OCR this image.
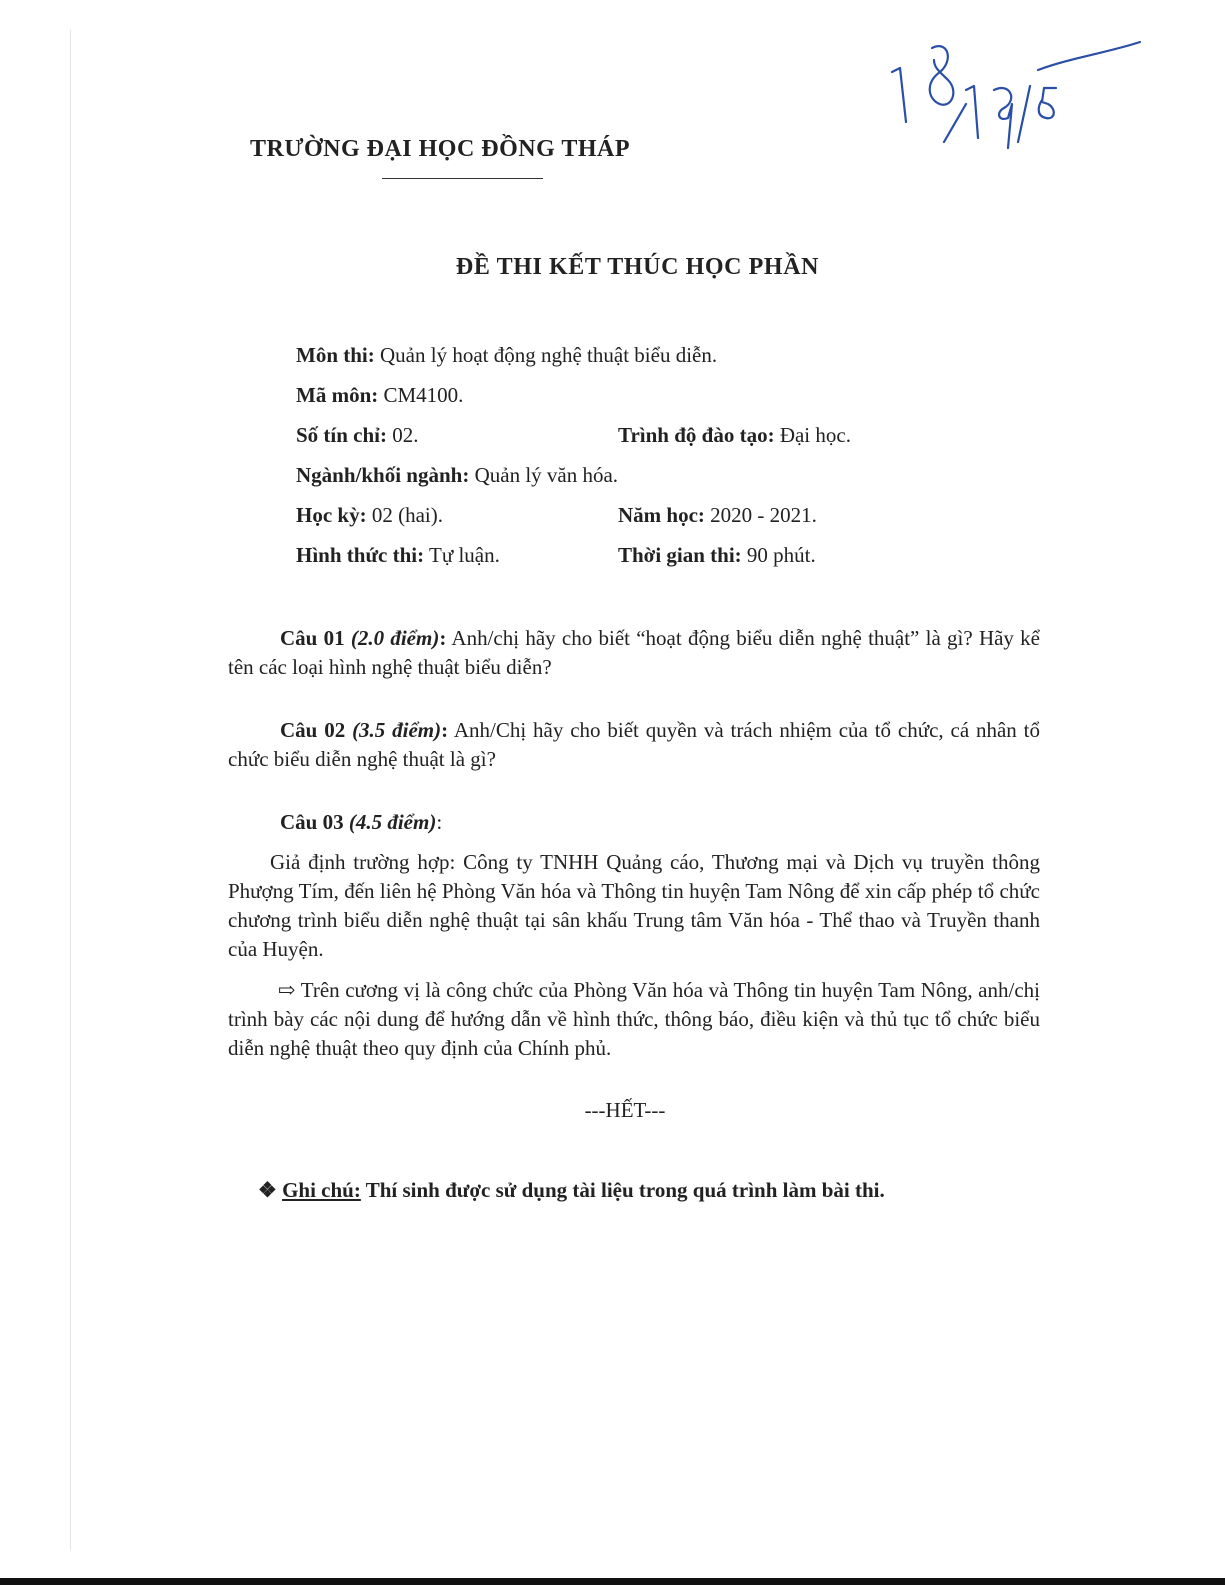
TRƯỜNG ĐẠI HỌC ĐỒNG THÁP
ĐỀ THI KẾT THÚC HỌC PHẦN
Môn thi: Quản lý hoạt động nghệ thuật biểu diễn.
Mã môn: CM4100.
Số tín chỉ: 02.	Trình độ đào tạo: Đại học.
Ngành/khối ngành: Quản lý văn hóa.
Học kỳ: 02 (hai).	Năm học: 2020 - 2021.
Hình thức thi: Tự luận.	Thời gian thi: 90 phút.
Câu 01 (2.0 điểm): Anh/chị hãy cho biết “hoạt động biểu diễn nghệ thuật” là gì? Hãy kể tên các loại hình nghệ thuật biểu diễn?
Câu 02 (3.5 điểm): Anh/Chị hãy cho biết quyền và trách nhiệm của tổ chức, cá nhân tổ chức biểu diễn nghệ thuật là gì?
Câu 03 (4.5 điểm):
Giả định trường hợp: Công ty TNHH Quảng cáo, Thương mại và Dịch vụ truyền thông Phượng Tím, đến liên hệ Phòng Văn hóa và Thông tin huyện Tam Nông để xin cấp phép tổ chức chương trình biểu diễn nghệ thuật tại sân khấu Trung tâm Văn hóa - Thể thao và Truyền thanh của Huyện.
⇨ Trên cương vị là công chức của Phòng Văn hóa và Thông tin huyện Tam Nông, anh/chị trình bày các nội dung để hướng dẫn về hình thức, thông báo, điều kiện và thủ tục tổ chức biểu diễn nghệ thuật theo quy định của Chính phủ.
---HẾT---
❖ Ghi chú: Thí sinh được sử dụng tài liệu trong quá trình làm bài thi.
